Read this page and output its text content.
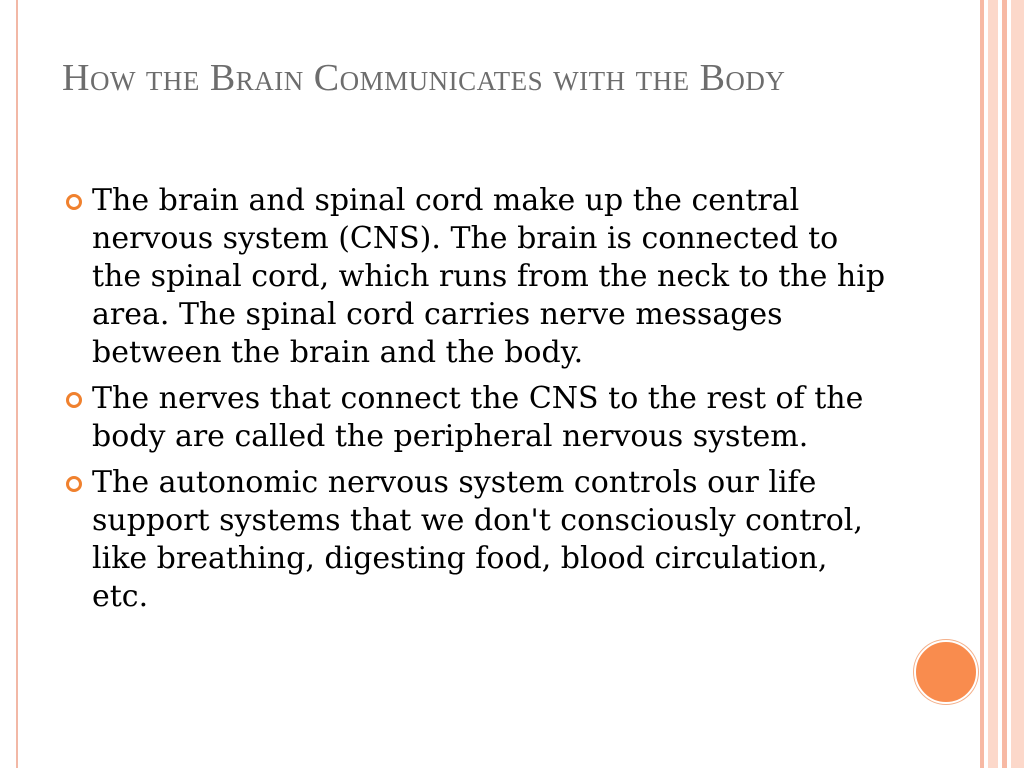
How the Brain Communicates with the Body
The brain and spinal cord make up the central nervous system (CNS). The brain is connected to the spinal cord, which runs from the neck to the hip area. The spinal cord carries nerve messages between the brain and the body.
The nerves that connect the CNS to the rest of the body are called the peripheral nervous system.
The autonomic nervous system controls our life support systems that we don't consciously control, like breathing, digesting food, blood circulation, etc.
